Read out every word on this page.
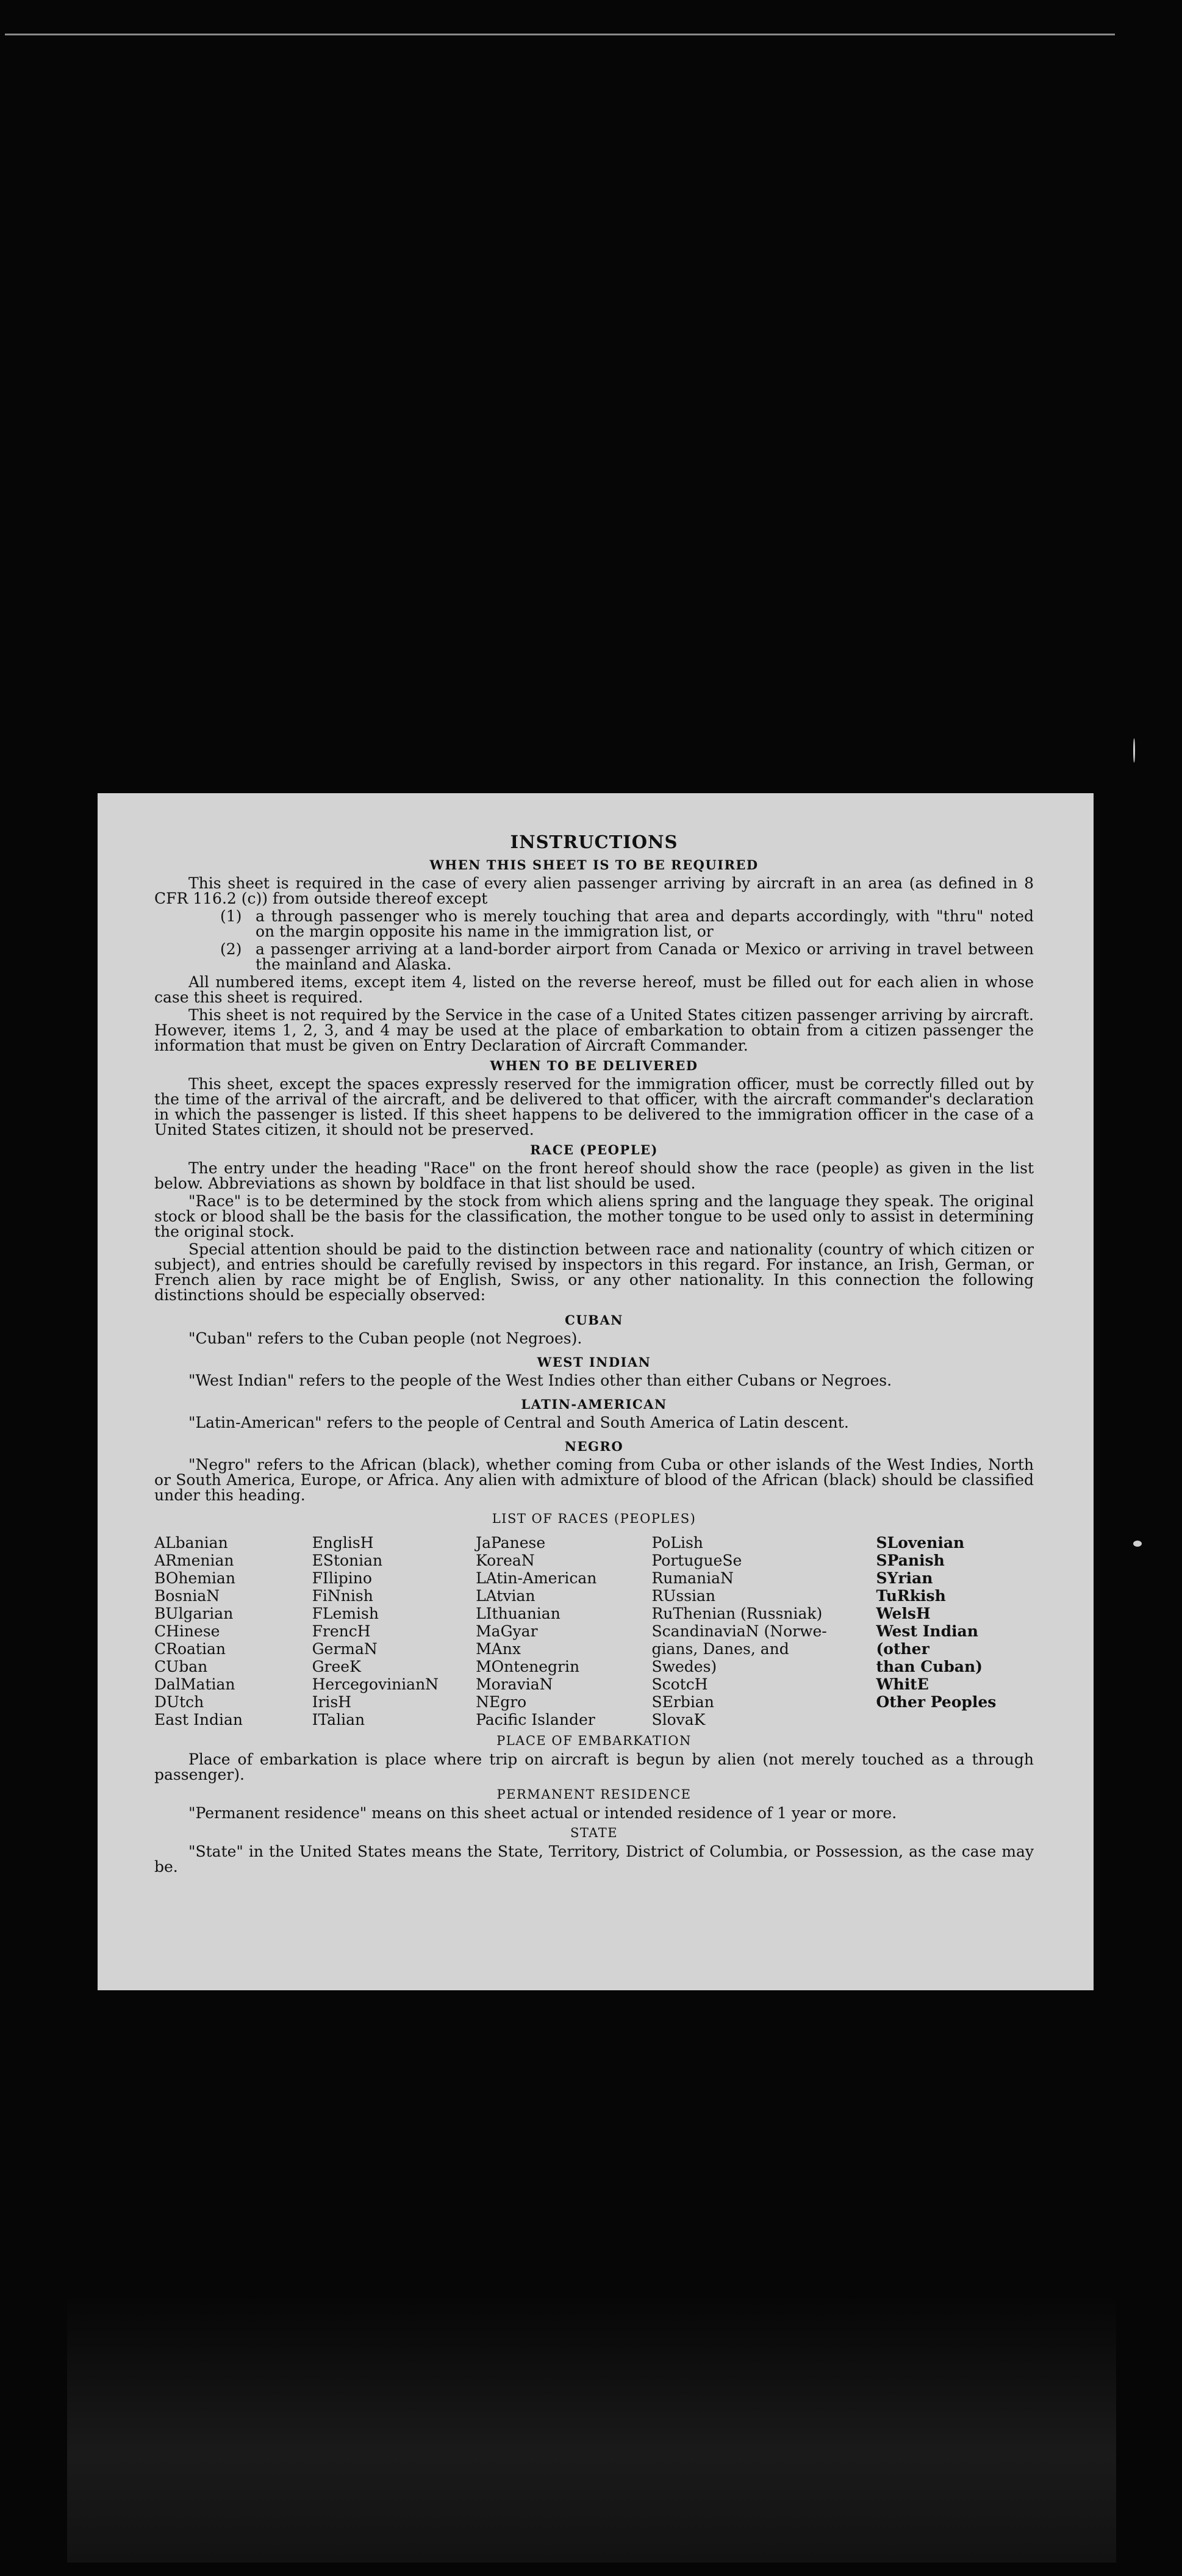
INSTRUCTIONS
WHEN THIS SHEET IS TO BE REQUIRED

This sheet is required in the case of every alien passenger arriving by aircraft in an area (as defined in 8 CFR 116.2 (c)) from outside thereof except

(1) a through passenger who is merely touching that area and departs accordingly, with "thru" noted on the margin opposite his name in the immigration list, or
(2) a passenger arriving at a land-border airport from Canada or Mexico or arriving in travel between the mainland and Alaska.

All numbered items, except item 4, listed on the reverse hereof, must be filled out for each alien in whose case this sheet is required.

This sheet is not required by the Service in the case of a United States citizen passenger arriving by aircraft. However, items 1, 2, 3, and 4 may be used at the place of embarkation to obtain from a citizen passenger the information that must be given on Entry Declaration of Aircraft Commander.

WHEN TO BE DELIVERED

This sheet, except the spaces expressly reserved for the immigration officer, must be correctly filled out by the time of the arrival of the aircraft, and be delivered to that officer, with the aircraft commander's declaration in which the passenger is listed. If this sheet happens to be delivered to the immigration officer in the case of a United States citizen, it should not be preserved.

RACE (PEOPLE)

The entry under the heading "Race" on the front hereof should show the race (people) as given in the list below. Abbreviations as shown by boldface in that list should be used.

"Race" is to be determined by the stock from which aliens spring and the language they speak. The original stock or blood shall be the basis for the classification, the mother tongue to be used only to assist in determining the original stock.

Special attention should be paid to the distinction between race and nationality (country of which citizen or subject), and entries should be carefully revised by inspectors in this regard. For instance, an Irish, German, or French alien by race might be of English, Swiss, or any other nationality. In this connection the following distinctions should be especially observed:

CUBAN

"Cuban" refers to the Cuban people (not Negroes).

WEST INDIAN

"West Indian" refers to the people of the West Indies other than either Cubans or Negroes.

LATIN-AMERICAN

"Latin-American" refers to the people of Central and South America of Latin descent.

NEGRO

"Negro" refers to the African (black), whether coming from Cuba or other islands of the West Indies, North or South America, Europe, or Africa. Any alien with admixture of blood of the African (black) should be classified under this heading.

LIST OF RACES (PEOPLES)
ALbanian
ARmenian
BOhemian
BosniaN
BUlgarian
CHinese
CRoatian
CUban
DalMatian
DUtch
East Indian
EnglisH
EStonian
FIlipino
FiNnish
FLemish
FrencH
GermaN
GreeK
HercegovinianN
IrisH
ITalian
JaPanese
KoreaN
LAtin-American
LAtvian
LIthuanian
MaGyar
MAnx
MOntenegrin
MoraviaN
NEgro
Pacific Islander
PoLish
PortugueSe
RumaniaN
RUssian
RuThenian (Russniak)
ScandinaviaN (Norwe-
gians, Danes, and
Swedes)
ScotcH
SErbian
SlovaK
SLovenian
SPanish
SYrian
TuRkish
WelsH
West Indian (other
than Cuban)
WhitE
Other Peoples
PLACE OF EMBARKATION

Place of embarkation is place where trip on aircraft is begun by alien (not merely touched as a through passenger).

PERMANENT RESIDENCE

"Permanent residence" means on this sheet actual or intended residence of 1 year or more.

STATE

"State" in the United States means the State, Territory, District of Columbia, or Possession, as the case may be.
